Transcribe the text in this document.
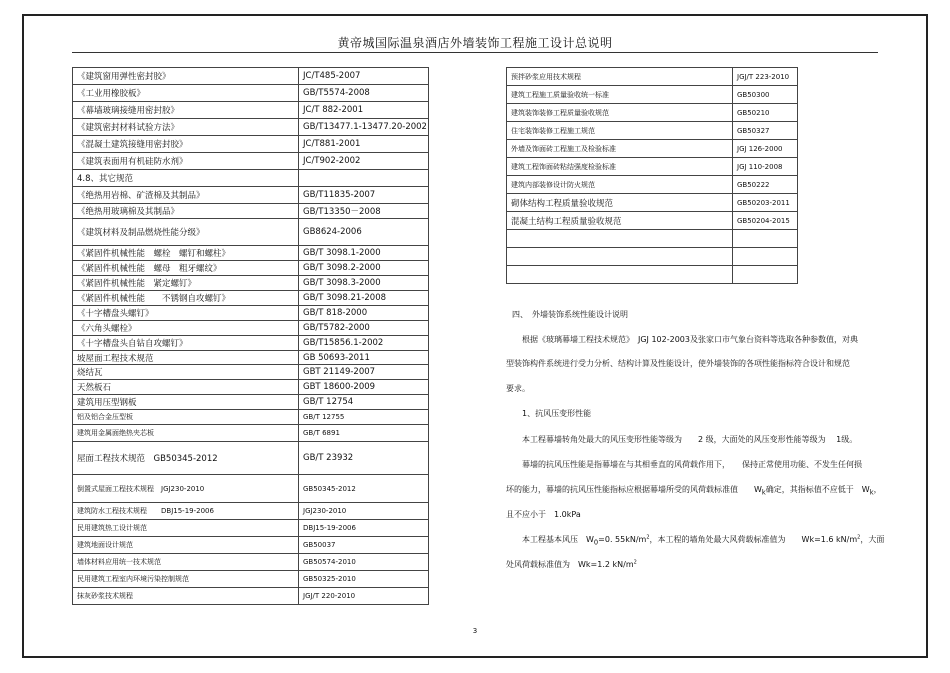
黄帝城国际温泉酒店外墙装饰工程施工设计总说明
《建筑窗用弹性密封胶》	JC/T485-2007
《工业用橡胶板》	GB/T5574-2008
《幕墙玻璃接缝用密封胶》	JC/T 882-2001
《建筑密封材料试验方法》	GB/T13477.1-13477.20-2002
《混凝土建筑接缝用密封胶》	JC/T881-2001
《建筑表面用有机硅防水剂》	JC/T902-2002
4.8、其它规范	
《绝热用岩棉、矿渣棉及其制品》	GB/T11835-2007
《绝热用玻璃棉及其制品》	GB/T13350－2008
《建筑材料及制品燃烧性能分级》	GB8624-2006
《紧固件机械性能　螺栓　螺钉和螺柱》	GB/T 3098.1-2000
《紧固件机械性能　螺母　粗牙螺纹》	GB/T 3098.2-2000
《紧固件机械性能　紧定螺钉》	GB/T 3098.3-2000
《紧固件机械性能　　不锈钢自攻螺钉》	GB/T 3098.21-2008
《十字槽盘头螺钉》	GB/T 818-2000
《六角头螺栓》	GB/T5782-2000
《十字槽盘头自钻自攻螺钉》	GB/T15856.1-2002
坡屋面工程技术规范	GB 50693-2011
烧结瓦	GBT 21149-2007
天然板石	GBT 18600-2009
建筑用压型钢板	GB/T 12754
铝及铝合金压型板	GB/T 12755
建筑用金属面绝热夹芯板	GB/T 6891
屋面工程技术规范　GB50345-2012	GB/T 23932
倒置式屋面工程技术规程　JGJ230-2010	GB50345-2012
建筑防水工程技术规程　　DBJ15-19-2006	JGJ230-2010
民用建筑热工设计规范	DBJ15-19-2006
建筑地面设计规范	GB50037
墙体材料应用统一技术规范	GB50574-2010
民用建筑工程室内环境污染控制规范	GB50325-2010
抹灰砂浆技术规程	JGJ/T 220-2010
预拌砂浆应用技术规程	JGJ/T 223-2010
建筑工程施工质量验收统一标准	GB50300
建筑装饰装修工程质量验收规范	GB50210
住宅装饰装修工程施工规范	GB50327
外墙及饰面砖工程施工及检验标准	JGJ 126-2000
建筑工程饰面砖粘结强度检验标准	JGJ 110-2008
建筑内部装修设计防火规范	GB50222
砌体结构工程质量验收规范	GB50203-2011
混凝土结构工程质量验收规范	GB50204-2015

四、　外墙装饰系统性能设计说明
根据《玻璃幕墙工程技术规范》　JGJ 102-2003及张家口市气象台资料等选取各种参数值，对典
型装饰构件系统进行受力分析、结构计算及性能设计，使外墙装饰的各项性能指标符合设计和规范
要求。
1、抗风压变形性能
本工程幕墙转角处最大的风压变形性能等级为　　2 级，大面处的风压变形性能等级为　 1级。
幕墙的抗风压性能是指幕墙在与其相垂直的风荷载作用下，　　保持正常使用功能、不发生任何损
坏的能力，幕墙的抗风压性能指标应根据幕墙所受的风荷载标准值　　$W_k$确定，其指标值不应低于　$W_k$，
且不应小于　1.0kPa
本工程基本风压　$W_0=0$. $55kN/m^2$，本工程的墙角处最大风荷载标准值为　　Wk=1.6 $kN/m^2$，大面
处风荷载标准值为　Wk=1.2 $kN/m^2$
3
